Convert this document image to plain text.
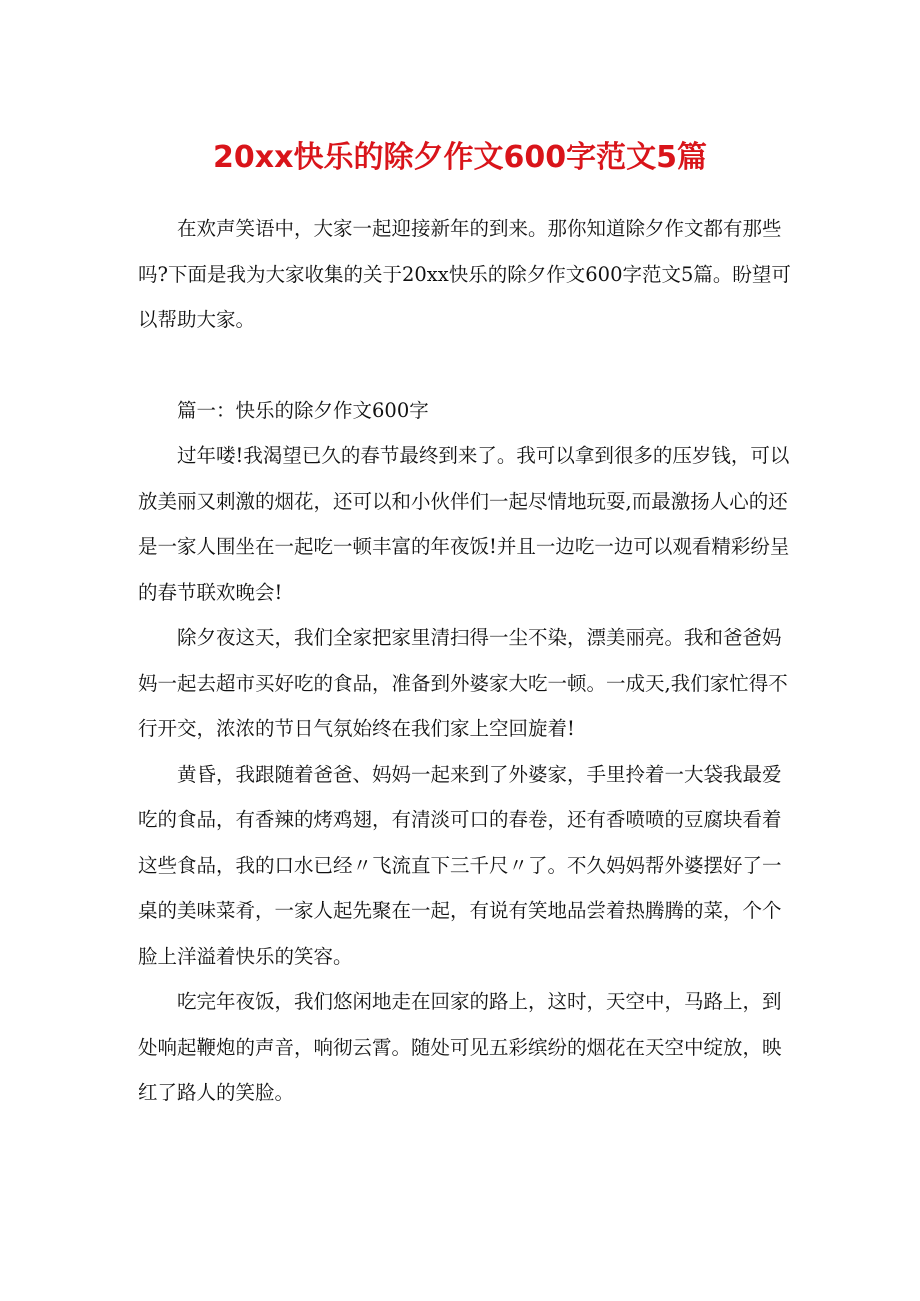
20xx快乐的除夕作文600字范文5篇

在欢声笑语中，大家一起迎接新年的到来。那你知道除夕作文都有那些吗?下面是我为大家收集的关于20xx快乐的除夕作文600字范文5篇。盼望可以帮助大家。

篇一：快乐的除夕作文600字

过年喽!我渴望已久的春节最终到来了。我可以拿到很多的压岁钱，可以放美丽又刺激的烟花，还可以和小伙伴们一起尽情地玩耍,而最激扬人心的还是一家人围坐在一起吃一顿丰富的年夜饭!并且一边吃一边可以观看精彩纷呈的春节联欢晚会!

除夕夜这天，我们全家把家里清扫得一尘不染，漂美丽亮。我和爸爸妈妈一起去超市买好吃的食品，准备到外婆家大吃一顿。一成天,我们家忙得不行开交，浓浓的节日气氛始终在我们家上空回旋着!

黄昏，我跟随着爸爸、妈妈一起来到了外婆家，手里拎着一大袋我最爱吃的食品，有香辣的烤鸡翅，有清淡可口的春卷，还有香喷喷的豆腐块看着这些食品，我的口水已经〃飞流直下三千尺〃了。不久妈妈帮外婆摆好了一桌的美味菜肴，一家人起先聚在一起，有说有笑地品尝着热腾腾的菜，个个脸上洋溢着快乐的笑容。

吃完年夜饭，我们悠闲地走在回家的路上，这时，天空中，马路上，到处响起鞭炮的声音，响彻云霄。随处可见五彩缤纷的烟花在天空中绽放，映红了路人的笑脸。
